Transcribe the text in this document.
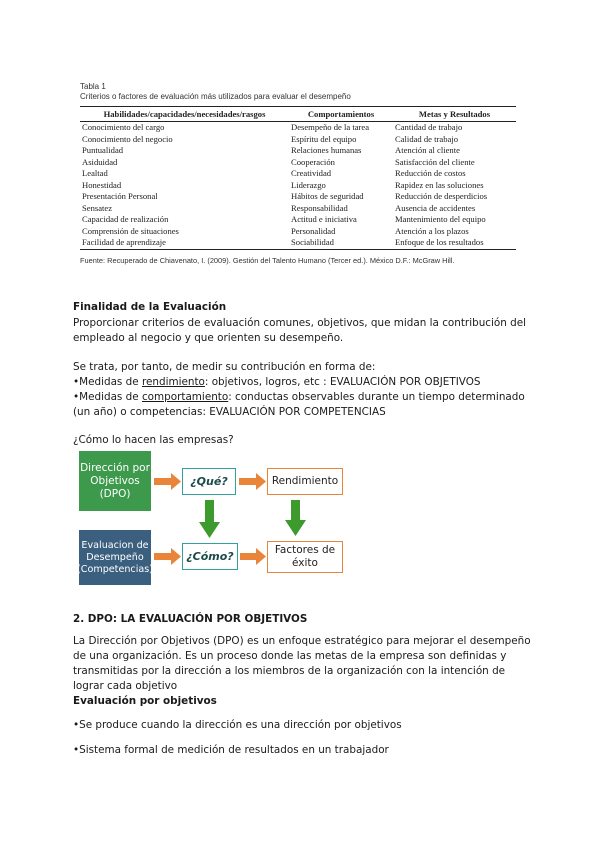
Tabla 1
Criterios o factores de evaluación más utilizados para evaluar el desempeño
Habilidades/capacidades/necesidades/rasgos	Comportamientos	Metas y Resultados
Conocimiento del cargo	Desempeño de la tarea	Cantidad de trabajo
Conocimiento del negocio	Espíritu del equipo	Calidad de trabajo
Puntualidad	Relaciones humanas	Atención al cliente
Asiduidad	Cooperación	Satisfacción del cliente
Lealtad	Creatividad	Reducción de costos
Honestidad	Liderazgo	Rapidez en las soluciones
Presentación Personal	Hábitos de seguridad	Reducción de desperdicios
Sensatez	Responsabilidad	Ausencia de accidentes
Capacidad de realización	Actitud e iniciativa	Mantenimiento del equipo
Comprensión de situaciones	Personalidad	Atención a los plazos
Facilidad de aprendizaje	Sociabilidad	Enfoque de los resultados
Fuente: Recuperado de Chiavenato, I. (2009). Gestión del Talento Humano (Tercer ed.). México D.F.: McGraw Hill.
Finalidad de la Evaluación
Proporcionar criterios de evaluación comunes, objetivos, que midan la contribución del empleado al negocio y que orienten su desempeño.
Se trata, por tanto, de medir su contribución en forma de:
•Medidas de rendimiento: objetivos, logros, etc : EVALUACIÓN POR OBJETIVOS
•Medidas de comportamiento: conductas observables durante un tiempo determinado (un año) o competencias: EVALUACIÓN POR COMPETENCIAS
¿Cómo lo hacen las empresas?
Dirección por Objetivos (DPO)
¿Qué?	Rendimiento
Evaluacion de Desempeño (Competencias)
¿Cómo?	Factores de éxito
2. DPO: LA EVALUACIÓN POR OBJETIVOS
La Dirección por Objetivos (DPO) es un enfoque estratégico para mejorar el desempeño de una organización. Es un proceso donde las metas de la empresa son definidas y transmitidas por la dirección a los miembros de la organización con la intención de lograr cada objetivo
Evaluación por objetivos
•Se produce cuando la dirección es una dirección por objetivos
•Sistema formal de medición de resultados en un trabajador
